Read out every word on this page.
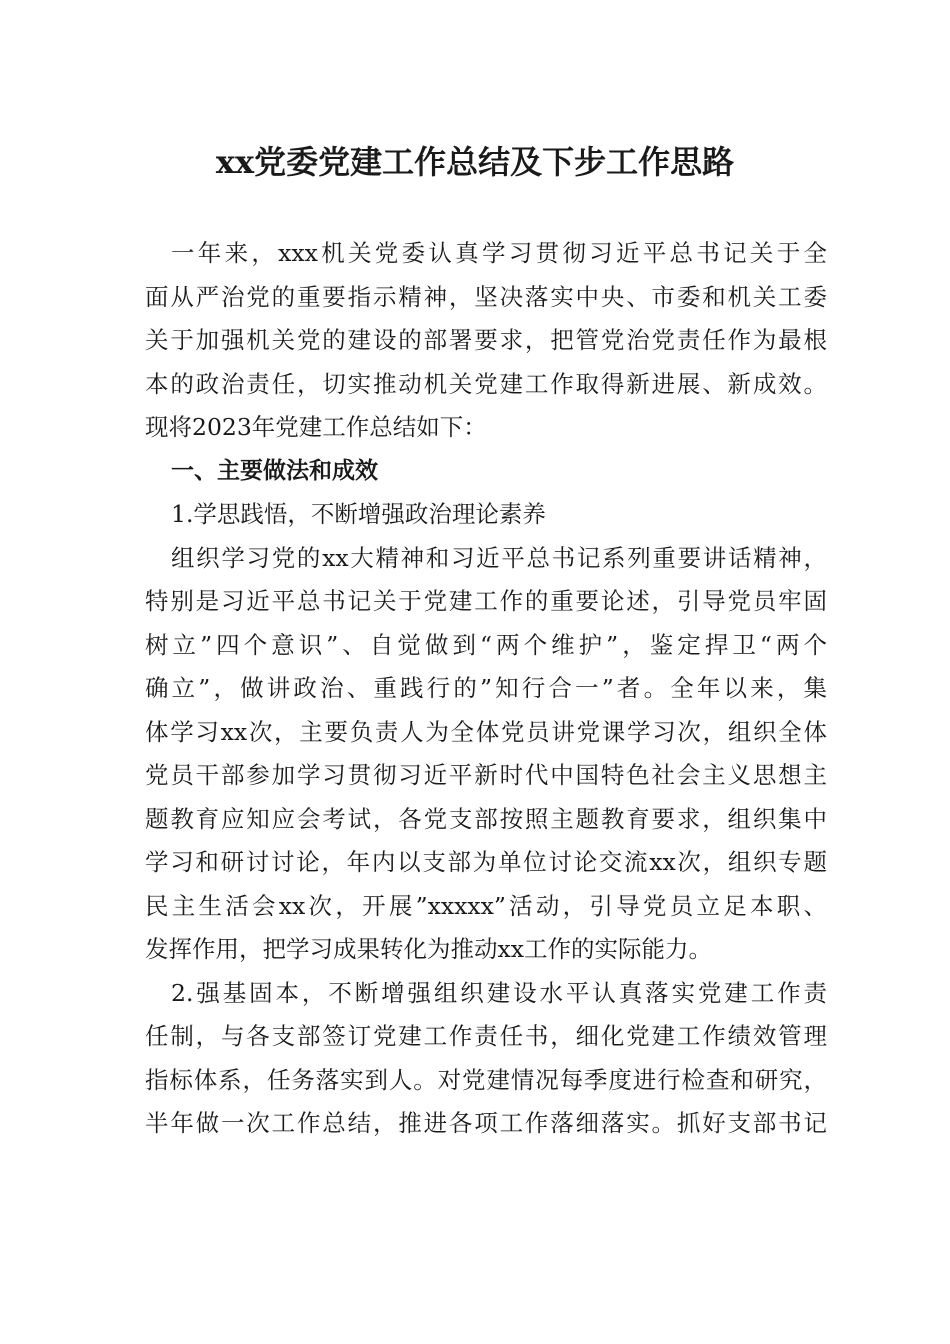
xx党委党建工作总结及下步工作思路
一年来，xxx机关党委认真学习贯彻习近平总书记关于全
面从严治党的重要指示精神，坚决落实中央、市委和机关工委
关于加强机关党的建设的部署要求，把管党治党责任作为最根
本的政治责任，切实推动机关党建工作取得新进展、新成效。
现将2023年党建工作总结如下：
一、主要做法和成效
1.学思践悟，不断增强政治理论素养
组织学习党的xx大精神和习近平总书记系列重要讲话精神，
特别是习近平总书记关于党建工作的重要论述，引导党员牢固
树立”四个意识”、自觉做到“两个维护”，鉴定捍卫“两个
确立”，做讲政治、重践行的”知行合一”者。全年以来，集
体学习xx次，主要负责人为全体党员讲党课学习次，组织全体
党员干部参加学习贯彻习近平新时代中国特色社会主义思想主
题教育应知应会考试，各党支部按照主题教育要求，组织集中
学习和研讨讨论，年内以支部为单位讨论交流xx次，组织专题
民主生活会xx次，开展”xxxxx”活动，引导党员立足本职、
发挥作用，把学习成果转化为推动xx工作的实际能力。
2.强基固本，不断增强组织建设水平认真落实党建工作责
任制，与各支部签订党建工作责任书，细化党建工作绩效管理
指标体系，任务落实到人。对党建情况每季度进行检查和研究，
半年做一次工作总结，推进各项工作落细落实。抓好支部书记
